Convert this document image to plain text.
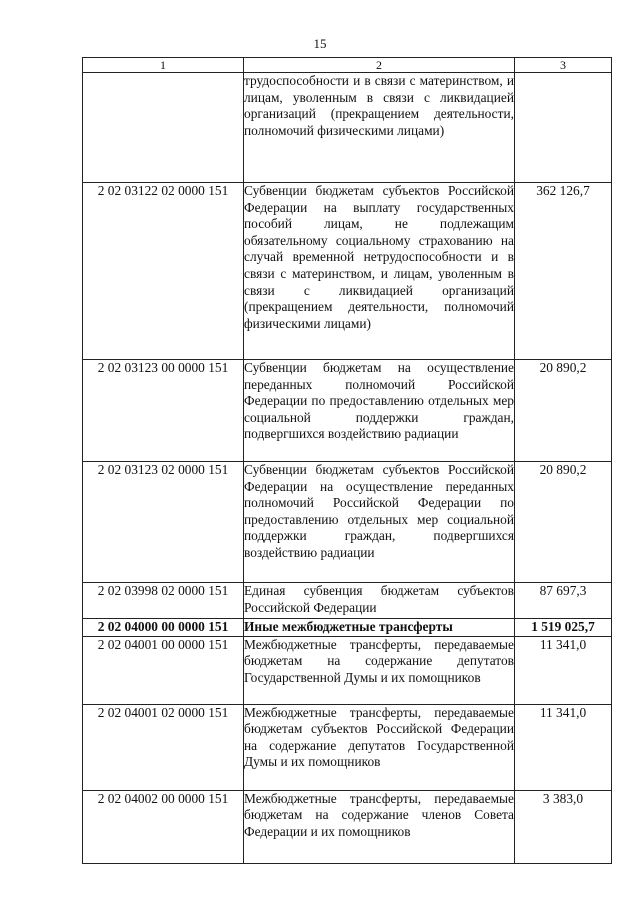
15
1	2	3
	трудоспособности и в связи с материнством, и лицам, уволенным в связи с ликвидацией организаций (прекращением деятельности, полномочий физическими лицами)	
2 02 03122 02 0000 151	Субвенции бюджетам субъектов Российской Федерации на выплату государственных пособий лицам, не подлежащим обязательному социальному страхованию на случай временной нетрудоспособности и в связи с материнством, и лицам, уволенным в связи с ликвидацией организаций (прекращением деятельности, полномочий физическими лицами)	362 126,7
2 02 03123 00 0000 151	Субвенции бюджетам на осуществление переданных полномочий Российской Федерации по предоставлению отдельных мер социальной поддержки граждан, подвергшихся воздействию радиации	20 890,2
2 02 03123 02 0000 151	Субвенции бюджетам субъектов Российской Федерации на осуществление переданных полномочий Российской Федерации по предоставлению отдельных мер социальной поддержки граждан, подвергшихся воздействию радиации	20 890,2
2 02 03998 02 0000 151	Единая субвенция бюджетам субъектов Российской Федерации	87 697,3
2 02 04000 00 0000 151	Иные межбюджетные трансферты	1 519 025,7
2 02 04001 00 0000 151	Межбюджетные трансферты, передаваемые бюджетам на содержание депутатов Государственной Думы и их помощников	11 341,0
2 02 04001 02 0000 151	Межбюджетные трансферты, передаваемые бюджетам субъектов Российской Федерации на содержание депутатов Государственной Думы и их помощников	11 341,0
2 02 04002 00 0000 151	Межбюджетные трансферты, передаваемые бюджетам на содержание членов Совета Федерации и их помощников	3 383,0
